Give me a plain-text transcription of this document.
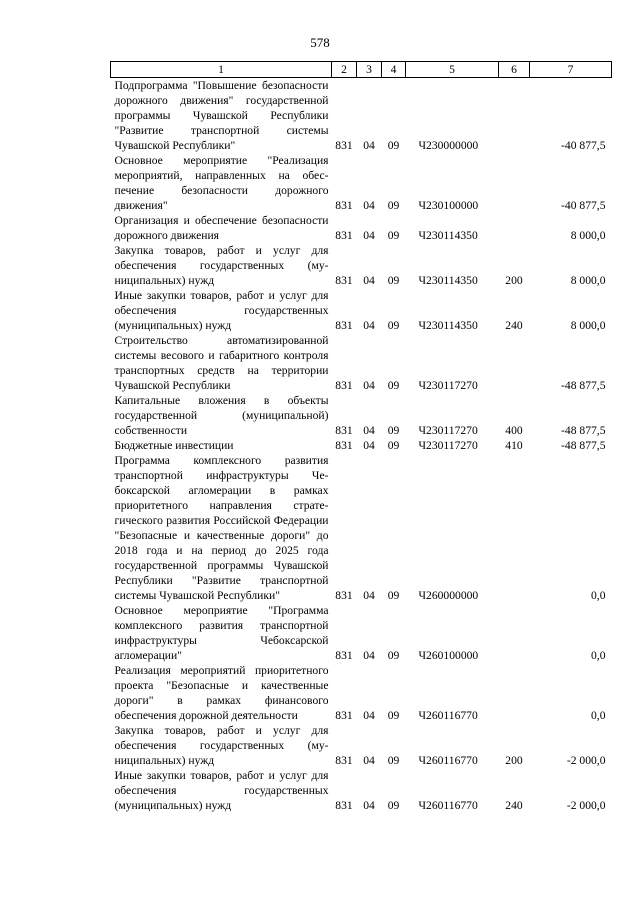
578
1	2	3	4	5	6	7
Подпрограмма "Повышение безопасности дорожного движения" государственной программы Чувашской Республики "Развитие транспортной системы Чувашской Республики"	831	04	09	Ч230000000		-40 877,5
Основное мероприятие "Реализация мероприятий, направленных на обеспечение безопасности дорожного движения"	831	04	09	Ч230100000		-40 877,5
Организация и обеспечение безопасности дорожного движения	831	04	09	Ч230114350		8 000,0
Закупка товаров, работ и услуг для обеспечения государственных (муниципальных) нужд	831	04	09	Ч230114350	200	8 000,0
Иные закупки товаров, работ и услуг для обеспечения государственных (муниципальных) нужд	831	04	09	Ч230114350	240	8 000,0
Строительство автоматизированной системы весового и габаритного контроля транспортных средств на территории Чувашской Республики	831	04	09	Ч230117270		-48 877,5
Капитальные вложения в объекты государственной (муниципальной) собственности	831	04	09	Ч230117270	400	-48 877,5
Бюджетные инвестиции	831	04	09	Ч230117270	410	-48 877,5
Программа комплексного развития транспортной инфраструктуры Чебоксарской агломерации в рамках приоритетного направления стратегического развития Российской Федерации "Безопасные и качественные дороги" до 2018 года и на период до 2025 года государственной программы Чувашской Республики "Развитие транспортной системы Чувашской Республики"	831	04	09	Ч260000000		0,0
Основное мероприятие "Программа комплексного развития транспортной инфраструктуры Чебоксарской агломерации"	831	04	09	Ч260100000		0,0
Реализация мероприятий приоритетного проекта "Безопасные и качественные дороги" в рамках финансового обеспечения дорожной деятельности	831	04	09	Ч260116770		0,0
Закупка товаров, работ и услуг для обеспечения государственных (муниципальных) нужд	831	04	09	Ч260116770	200	-2 000,0
Иные закупки товаров, работ и услуг для обеспечения государственных (муниципальных) нужд	831	04	09	Ч260116770	240	-2 000,0
